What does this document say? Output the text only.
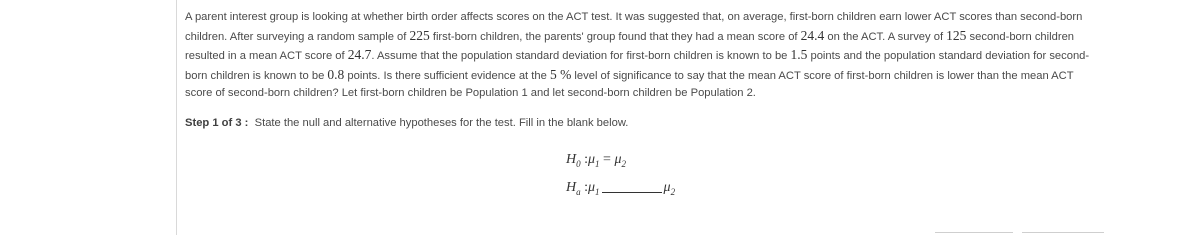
A parent interest group is looking at whether birth order affects scores on the ACT test. It was suggested that, on average, first-born children earn lower ACT scores than second-born children. After surveying a random sample of 225 first-born children, the parents' group found that they had a mean score of 24.4 on the ACT. A survey of 125 second-born children resulted in a mean ACT score of 24.7. Assume that the population standard deviation for first-born children is known to be 1.5 points and the population standard deviation for second-born children is known to be 0.8 points. Is there sufficient evidence at the 5 % level of significance to say that the mean ACT score of first-born children is lower than the mean ACT score of second-born children? Let first-born children be Population 1 and let second-born children be Population 2.
Step 1 of 3 : State the null and alternative hypotheses for the test. Fill in the blank below.
$H_0$ $:\mu_1 = \mu_2$
$H_a$ $:\mu_1$	$\mu_2$
